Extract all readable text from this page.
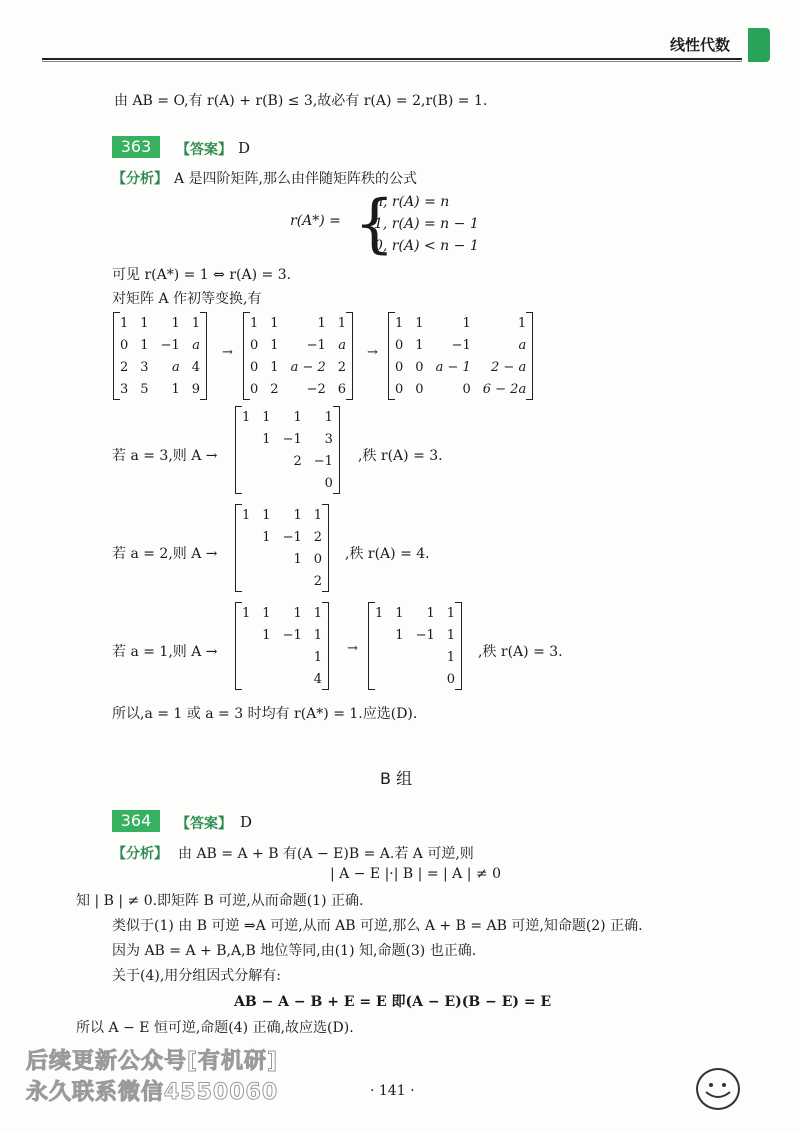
线性代数
由 AB = O,有 r(A) + r(B) ≤ 3,故必有 r(A) = 2,r(B) = 1.
363	【答案】 D
【分析】 A 是四阶矩阵,那么由伴随矩阵秩的公式
r(A*) = {
n, r(A) = n
1, r(A) = n − 1
0, r(A) < n − 1
可见 r(A*) = 1 ⇔ r(A) = 3.
对矩阵 A 作初等变换,有
1	1	1	1
0	1	−1	a
2	3	a	4
3	5	1	9
→
1	1	1	1
0	1	−1	a
0	1	a − 2	2
0	2	−2	6
→
1	1	1	1
0	1	−1	a
0	0	a − 1	2 − a
0	0	0	6 − 2a
若 a = 3,则 A →
1	1	1	1
	1	−1	3
		2	−1
			0
,秩 r(A) = 3.
若 a = 2,则 A →
1	1	1	1
	1	−1	2
		1	0
			2
,秩 r(A) = 4.
若 a = 1,则 A →
1	1	1	1
	1	−1	1
			1
			4
→
1	1	1	1
	1	−1	1
			1
			0
,秩 r(A) = 3.
所以,a = 1 或 a = 3 时均有 r(A*) = 1.应选(D).
B 组
364	【答案】 D
【分析】 由 AB = A + B 有(A − E)B = A.若 A 可逆,则
| A − E |·| B | = | A | ≠ 0
知 | B | ≠ 0.即矩阵 B 可逆,从而命题(1) 正确.
类似于(1) 由 B 可逆 ⇒A 可逆,从而 AB 可逆,那么 A + B = AB 可逆,知命题(2) 正确.
因为 AB = A + B,A,B 地位等同,由(1) 知,命题(3) 也正确.
关于(4),用分组因式分解有:
AB − A − B + E = E 即(A − E)(B − E) = E
所以 A − E 恒可逆,命题(4) 正确,故应选(D).
后续更新公众号[有机研]
永久联系微信4550060	· 141 ·
